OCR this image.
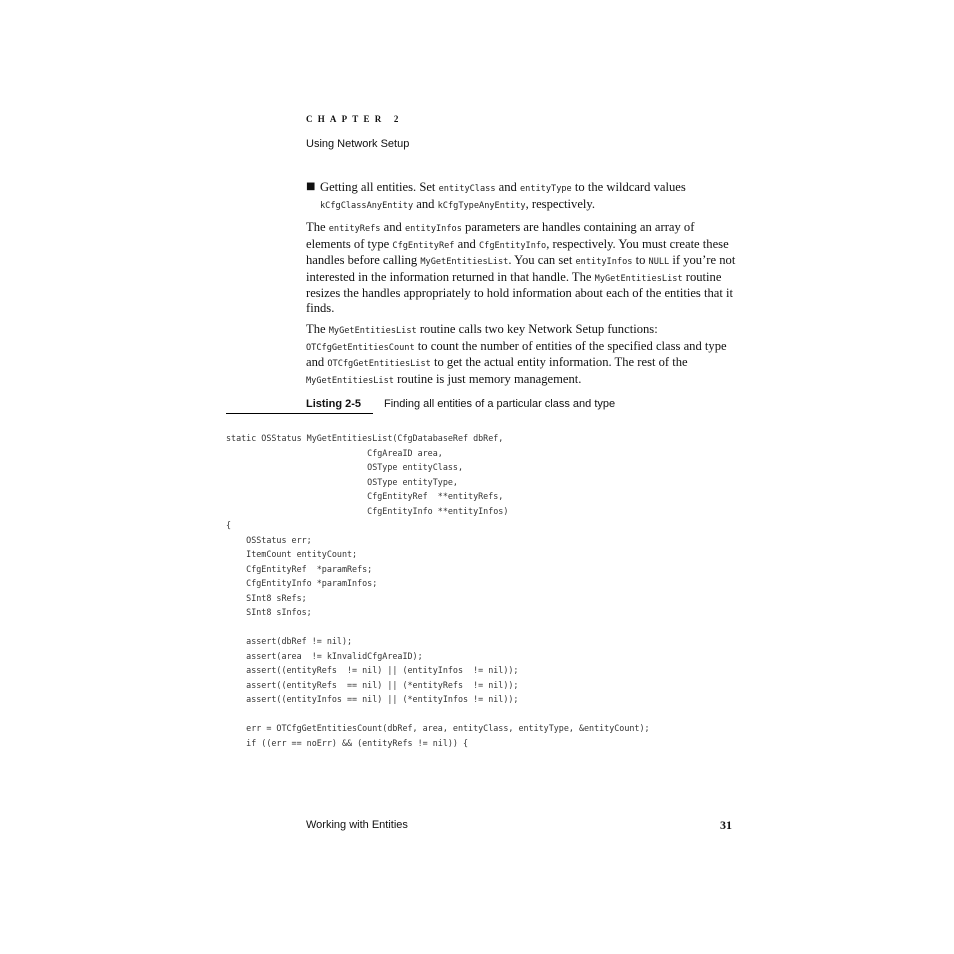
CHAPTER 2
Using Network Setup
■ Getting all entities. Set entityClass and entityType to the wildcard values kCfgClassAnyEntity and kCfgTypeAnyEntity, respectively.

The entityRefs and entityInfos parameters are handles containing an array of elements of type CfgEntityRef and CfgEntityInfo, respectively. You must create these handles before calling MyGetEntitiesList. You can set entityInfos to NULL if you’re not interested in the information returned in that handle. The MyGetEntitiesList routine resizes the handles appropriately to hold information about each of the entities that it finds.

The MyGetEntitiesList routine calls two key Network Setup functions: OTCfgGetEntitiesCount to count the number of entities of the specified class and type and OTCfgGetEntitiesList to get the actual entity information. The rest of the MyGetEntitiesList routine is just memory management.

Listing 2-5 Finding all entities of a particular class and type
static OSStatus MyGetEntitiesList(CfgDatabaseRef dbRef,
CfgAreaID area,
OSType entityClass,
OSType entityType,
CfgEntityRef  **entityRefs,
CfgEntityInfo **entityInfos)
{
OSStatus err;
ItemCount entityCount;
CfgEntityRef  *paramRefs;
CfgEntityInfo *paramInfos;
SInt8 sRefs;
SInt8 sInfos;

assert(dbRef != nil);
assert(area  != kInvalidCfgAreaID);
assert((entityRefs  != nil) || (entityInfos  != nil));
assert((entityRefs  == nil) || (*entityRefs  != nil));
assert((entityInfos == nil) || (*entityInfos != nil));

err = OTCfgGetEntitiesCount(dbRef, area, entityClass, entityType, &entityCount);
if ((err == noErr) && (entityRefs != nil)) {
Working with Entities	31
